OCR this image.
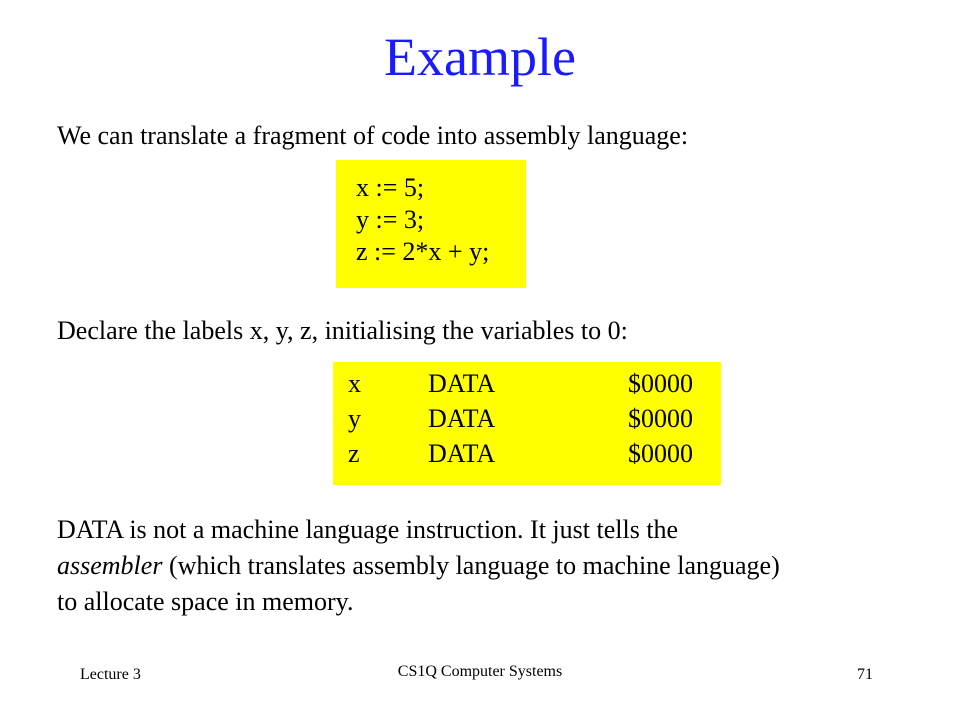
Example
We can translate a fragment of code into assembly language:
x := 5;
y := 3;
z := 2*x + y;
Declare the labels x, y, z, initialising the variables to 0:
x	DATA	$0000
y	DATA	$0000
z	DATA	$0000
DATA is not a machine language instruction. It just tells the
assembler (which translates assembly language to machine language)
to allocate space in memory.
Lecture 3	CS1Q Computer Systems	71
